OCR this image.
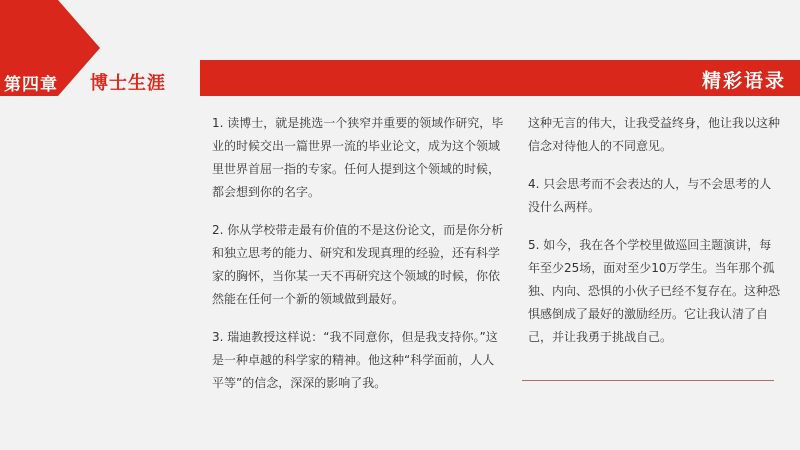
第四章	博士生涯	精彩语录

1. 读博士，就是挑选一个狭窄并重要的领域作研究，毕业的时候交出一篇世界一流的毕业论文，成为这个领域里世界首屈一指的专家。任何人提到这个领域的时候，都会想到你的名字。

2. 你从学校带走最有价值的不是这份论文，而是你分析和独立思考的能力、研究和发现真理的经验，还有科学家的胸怀，当你某一天不再研究这个领域的时候，你依然能在任何一个新的领域做到最好。

3. 瑞迪教授这样说：“我不同意你，但是我支持你。”这是一种卓越的科学家的精神。他这种“科学面前，人人平等”的信念，深深的影响了我。

这种无言的伟大，让我受益终身，他让我以这种信念对待他人的不同意见。

4. 只会思考而不会表达的人，与不会思考的人没什么两样。

5. 如今，我在各个学校里做巡回主题演讲，每年至少25场，面对至少10万学生。当年那个孤独、内向、恐惧的小伙子已经不复存在。这种恐惧感倒成了最好的激励经历。它让我认清了自己，并让我勇于挑战自己。
